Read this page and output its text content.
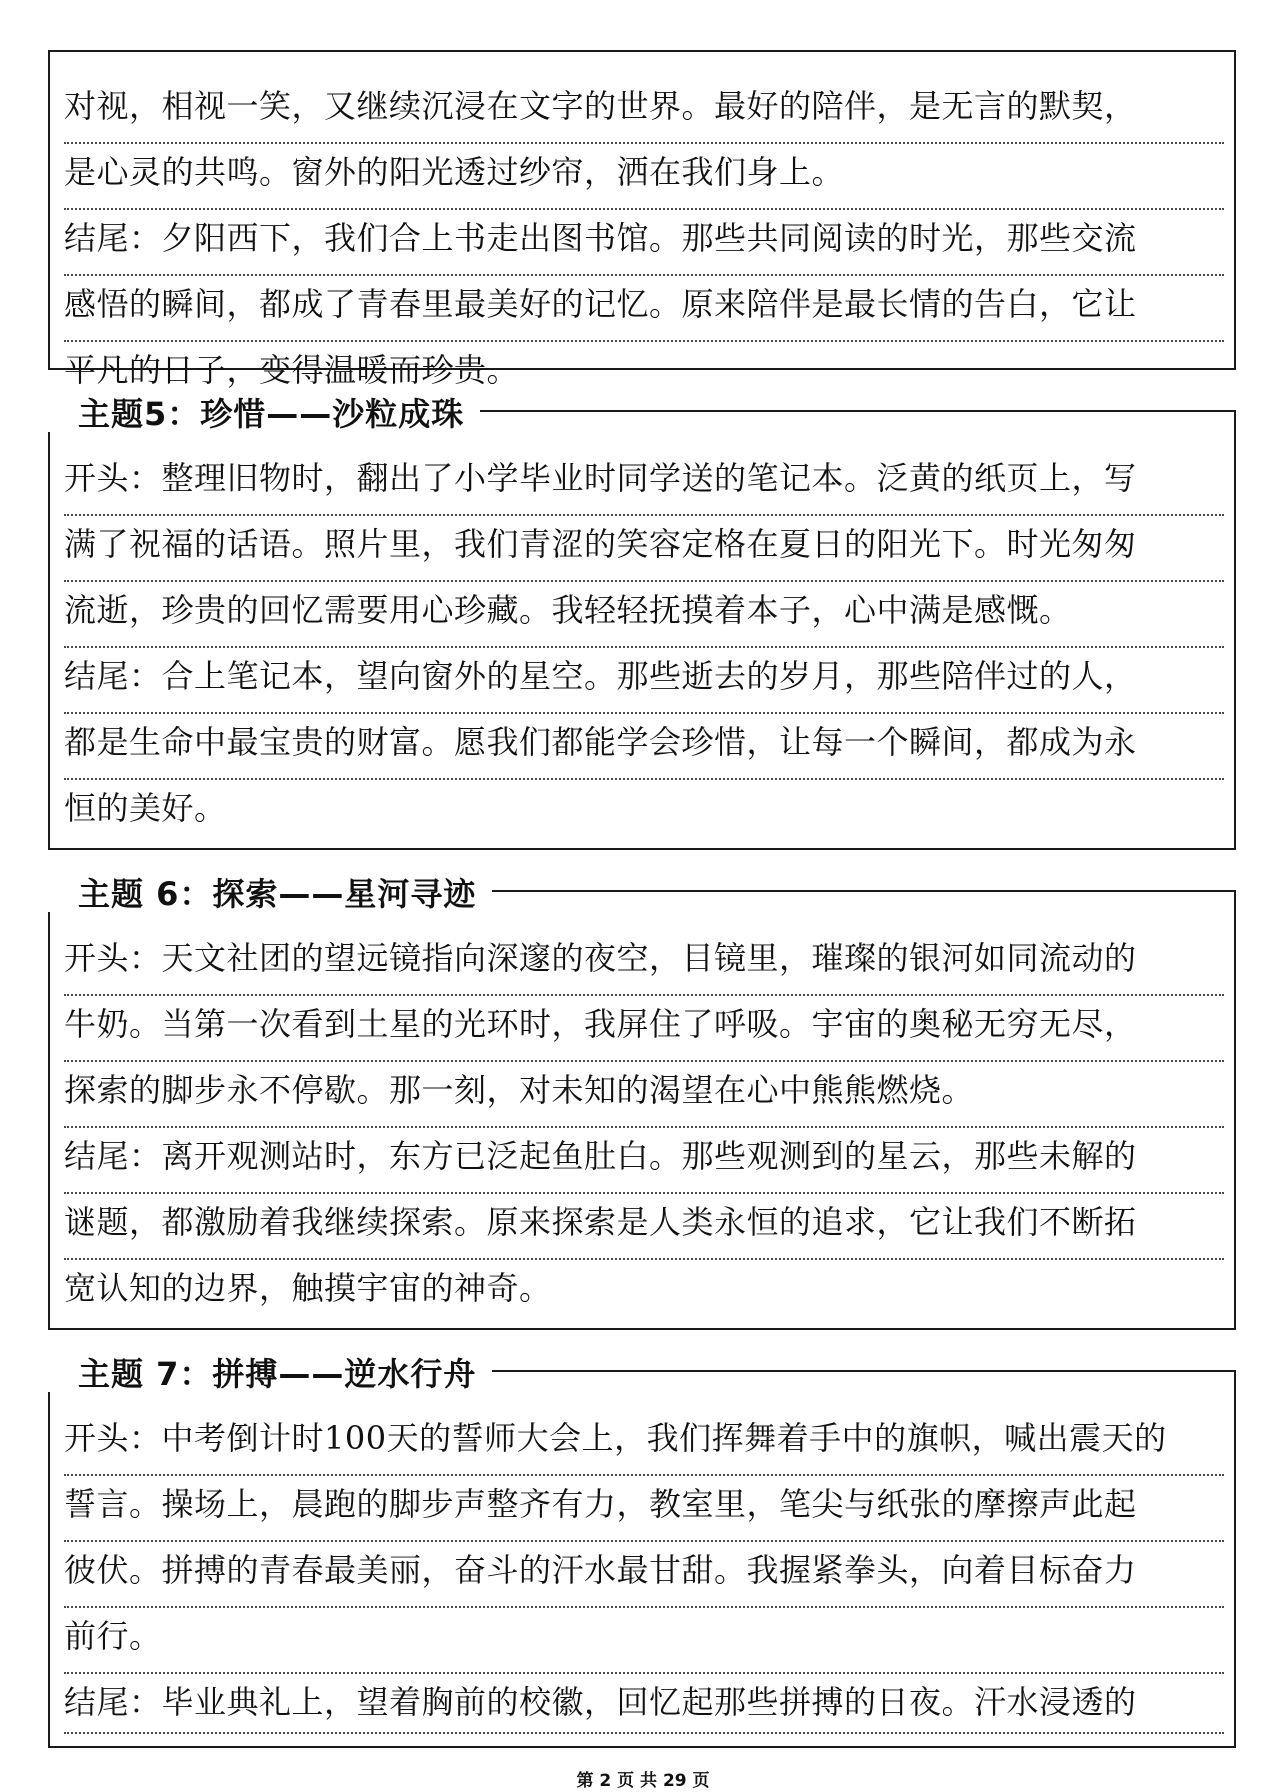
对视，相视一笑，又继续沉浸在文字的世界。最好的陪伴，是无言的默契，
是心灵的共鸣。窗外的阳光透过纱帘，洒在我们身上。
结尾：夕阳西下，我们合上书走出图书馆。那些共同阅读的时光，那些交流
感悟的瞬间，都成了青春里最美好的记忆。原来陪伴是最长情的告白，它让
平凡的日子，变得温暖而珍贵。
主题5：珍惜——沙粒成珠
开头：整理旧物时，翻出了小学毕业时同学送的笔记本。泛黄的纸页上，写
满了祝福的话语。照片里，我们青涩的笑容定格在夏日的阳光下。时光匆匆
流逝，珍贵的回忆需要用心珍藏。我轻轻抚摸着本子，心中满是感慨。
结尾：合上笔记本，望向窗外的星空。那些逝去的岁月，那些陪伴过的人，
都是生命中最宝贵的财富。愿我们都能学会珍惜，让每一个瞬间，都成为永
恒的美好。
主题 6：探索——星河寻迹
开头：天文社团的望远镜指向深邃的夜空，目镜里，璀璨的银河如同流动的
牛奶。当第一次看到土星的光环时，我屏住了呼吸。宇宙的奥秘无穷无尽，
探索的脚步永不停歇。那一刻，对未知的渴望在心中熊熊燃烧。
结尾：离开观测站时，东方已泛起鱼肚白。那些观测到的星云，那些未解的
谜题，都激励着我继续探索。原来探索是人类永恒的追求，它让我们不断拓
宽认知的边界，触摸宇宙的神奇。
主题 7：拼搏——逆水行舟
开头：中考倒计时100天的誓师大会上，我们挥舞着手中的旗帜，喊出震天的
誓言。操场上，晨跑的脚步声整齐有力，教室里，笔尖与纸张的摩擦声此起
彼伏。拼搏的青春最美丽，奋斗的汗水最甘甜。我握紧拳头，向着目标奋力
前行。
结尾：毕业典礼上，望着胸前的校徽，回忆起那些拼搏的日夜。汗水浸透的
第 2 页 共 29 页
